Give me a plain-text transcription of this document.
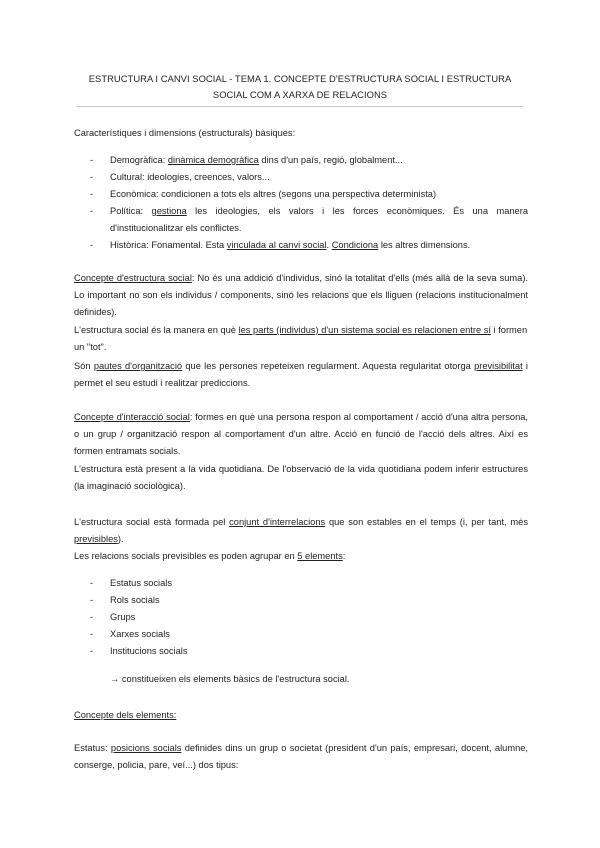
ESTRUCTURA I CANVI SOCIAL - TEMA 1. CONCEPTE D'ESTRUCTURA SOCIAL I ESTRUCTURA
SOCIAL COM A XARXA DE RELACIONS
Característiques i dimensions (estructurals) bàsiques:
- Demogràfica: dinàmica demogràfica dins d'un país, regió, globalment...
- Cultural: ideologies, creences, valors...
- Econòmica: condicionen a tots els altres (segons una perspectiva determinista)
- Política: gestiona les ideologies, els valors i les forces econòmiques. És una manera d'institucionalitzar els conflictes.
- Històrica: Fonamental. Esta vinculada al canvi social. Condiciona les altres dimensions.
Concepte d'estructura social: No és una addició d'individus, sinó la totalitat d'ells (més allà de la seva suma). Lo important no son els individus / components, sinó les relacions que els lliguen (relacions institucionalment definides).
L'estructura social és la manera en què les parts (individus) d'un sistema social es relacionen entre sí i formen un "tot".
Són pautes d'organització que les persones repeteixen regularment. Aquesta regularitat otorga previsibilitat i permet el seu estudi i realitzar prediccions.
Concepte d'interacció social: formes en què una persona respon al comportament / acció d'una altra persona, o un grup / organització respon al comportament d'un altre. Acció en funció de l'acció dels altres. Així es formen entramats socials.
L'estructura està present a la vida quotidiana. De l'observació de la vida quotidiana podem inferir estructures (la imaginació sociològica).
L'estructura social està formada pel conjunt d'interrelacions que son estables en el temps (i, per tant, més previsibles).
Les relacions socials previsibles es poden agrupar en 5 elements:
- Estatus socials
- Rols socials
- Grups
- Xarxes socials
- Institucions socials
→ constitueixen els elements bàsics de l'estructura social.
Concepte dels elements:
Estatus: posicions socials definides dins un grup o societat (president d'un país, empresari, docent, alumne, conserge, policia, pare, veí...) dos tipus:
